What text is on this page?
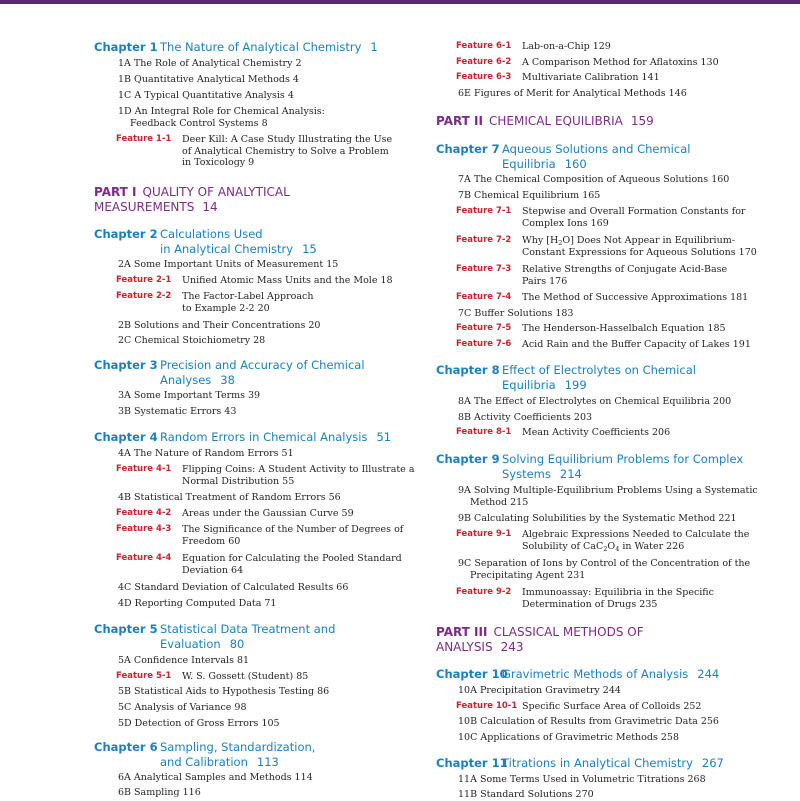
Chapter 1 The Nature of Analytical Chemistry 1
1A The Role of Analytical Chemistry 2
1B Quantitative Analytical Methods 4
1C A Typical Quantitative Analysis 4
1D An Integral Role for Chemical Analysis:
Feedback Control Systems 8
Feature 1-1 Deer Kill: A Case Study Illustrating the Use
of Analytical Chemistry to Solve a Problem
in Toxicology 9
PART I QUALITY OF ANALYTICAL
MEASUREMENTS 14
Chapter 2 Calculations Used
in Analytical Chemistry 15
2A Some Important Units of Measurement 15
Feature 2-1 Unified Atomic Mass Units and the Mole 18
Feature 2-2 The Factor-Label Approach
to Example 2-2 20
2B Solutions and Their Concentrations 20
2C Chemical Stoichiometry 28
Chapter 3 Precision and Accuracy of Chemical
Analyses 38
3A Some Important Terms 39
3B Systematic Errors 43
Chapter 4 Random Errors in Chemical Analysis 51
4A The Nature of Random Errors 51
Feature 4-1 Flipping Coins: A Student Activity to Illustrate a
Normal Distribution 55
4B Statistical Treatment of Random Errors 56
Feature 4-2 Areas under the Gaussian Curve 59
Feature 4-3 The Significance of the Number of Degrees of
Freedom 60
Feature 4-4 Equation for Calculating the Pooled Standard
Deviation 64
4C Standard Deviation of Calculated Results 66
4D Reporting Computed Data 71
Chapter 5 Statistical Data Treatment and
Evaluation 80
5A Confidence Intervals 81
Feature 5-1 W. S. Gossett (Student) 85
5B Statistical Aids to Hypothesis Testing 86
5C Analysis of Variance 98
5D Detection of Gross Errors 105
Chapter 6 Sampling, Standardization,
and Calibration 113
6A Analytical Samples and Methods 114
6B Sampling 116
Feature 6-1 Lab-on-a-Chip 129
Feature 6-2 A Comparison Method for Aflatoxins 130
Feature 6-3 Multivariate Calibration 141
6E Figures of Merit for Analytical Methods 146
PART II CHEMICAL EQUILIBRIA 159
Chapter 7 Aqueous Solutions and Chemical
Equilibria 160
7A The Chemical Composition of Aqueous Solutions 160
7B Chemical Equilibrium 165
Feature 7-1 Stepwise and Overall Formation Constants for
Complex Ions 169
Feature 7-2 Why $[H_2O]$ Does Not Appear in Equilibrium-
Constant Expressions for Aqueous Solutions 170
Feature 7-3 Relative Strengths of Conjugate Acid-Base
Pairs 176
Feature 7-4 The Method of Successive Approximations 181
7C Buffer Solutions 183
Feature 7-5 The Henderson-Hasselbalch Equation 185
Feature 7-6 Acid Rain and the Buffer Capacity of Lakes 191
Chapter 8 Effect of Electrolytes on Chemical
Equilibria 199
8A The Effect of Electrolytes on Chemical Equilibria 200
8B Activity Coefficients 203
Feature 8-1 Mean Activity Coefficients 206
Chapter 9 Solving Equilibrium Problems for Complex
Systems 214
9A Solving Multiple-Equilibrium Problems Using a Systematic
Method 215
9B Calculating Solubilities by the Systematic Method 221
Feature 9-1 Algebraic Expressions Needed to Calculate the
Solubility of $CaC_2O_4$ in Water 226
9C Separation of Ions by Control of the Concentration of the
Precipitating Agent 231
Feature 9-2 Immunoassay: Equilibria in the Specific
Determination of Drugs 235
PART III CLASSICAL METHODS OF
ANALYSIS 243
Chapter 10
Gravimetric Methods of Analysis 244
10A Precipitation Gravimetry 244
Feature 10-1 Specific Surface Area of Colloids 252
10B Calculation of Results from Gravimetric Data 256
10C Applications of Gravimetric Methods 258
Chapter 11
Titrations in Analytical Chemistry 267
11A Some Terms Used in Volumetric Titrations 268
11B Standard Solutions 270
